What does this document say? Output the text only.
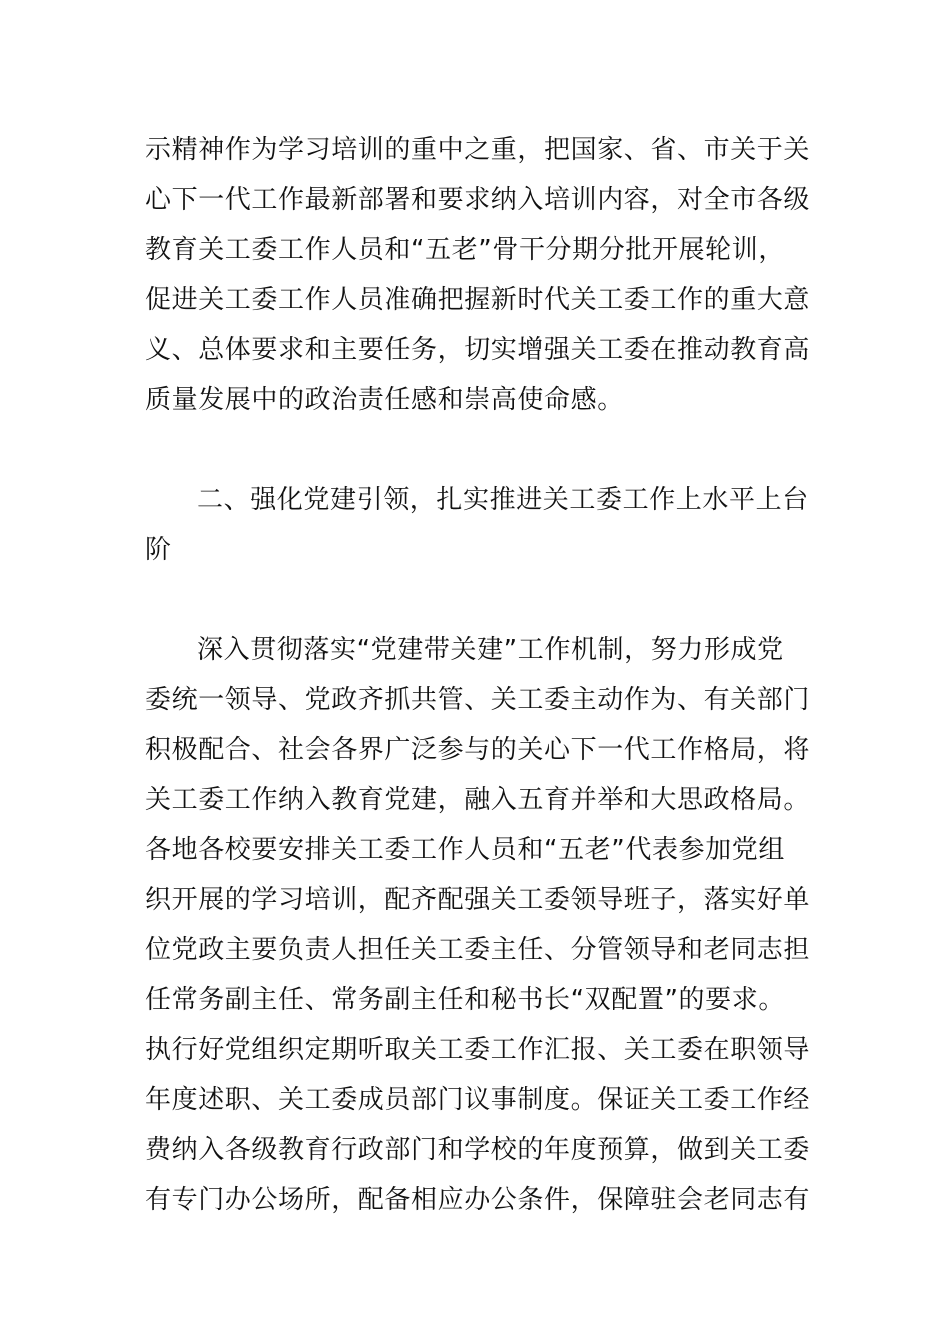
示精神作为学习培训的重中之重，把国家、省、市关于关
心下一代工作最新部署和要求纳入培训内容，对全市各级
教育关工委工作人员和“五老”骨干分期分批开展轮训，
促进关工委工作人员准确把握新时代关工委工作的重大意
义、总体要求和主要任务，切实增强关工委在推动教育高
质量发展中的政治责任感和崇高使命感。
二、强化党建引领，扎实推进关工委工作上水平上台
阶
深入贯彻落实“党建带关建”工作机制，努力形成党
委统一领导、党政齐抓共管、关工委主动作为、有关部门
积极配合、社会各界广泛参与的关心下一代工作格局，将
关工委工作纳入教育党建，融入五育并举和大思政格局。
各地各校要安排关工委工作人员和“五老”代表参加党组
织开展的学习培训，配齐配强关工委领导班子，落实好单
位党政主要负责人担任关工委主任、分管领导和老同志担
任常务副主任、常务副主任和秘书长“双配置”的要求。
执行好党组织定期听取关工委工作汇报、关工委在职领导
年度述职、关工委成员部门议事制度。保证关工委工作经
费纳入各级教育行政部门和学校的年度预算，做到关工委
有专门办公场所，配备相应办公条件，保障驻会老同志有
